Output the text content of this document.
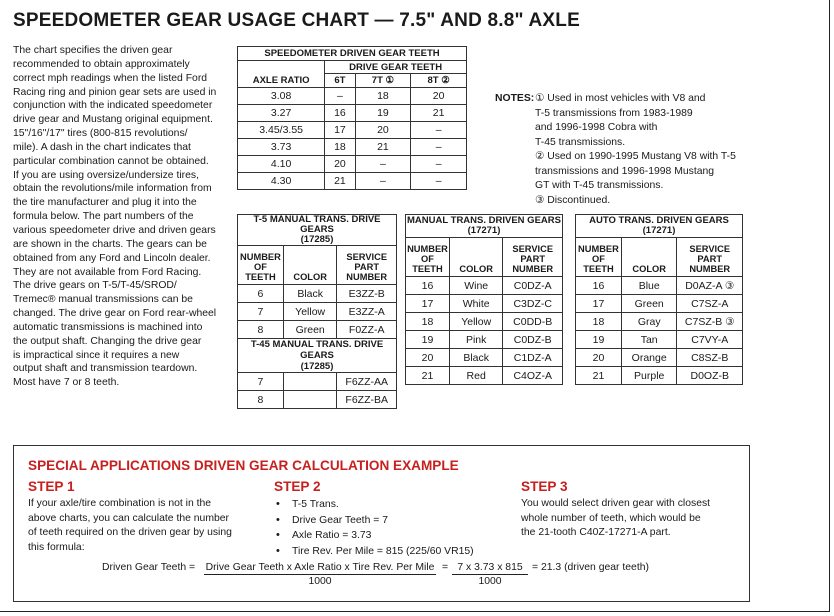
SPEEDOMETER GEAR USAGE CHART — 7.5" AND 8.8" AXLE
The chart specifies the driven gear
recommended to obtain approximately
correct mph readings when the listed Ford
Racing ring and pinion gear sets are used in
conjunction with the indicated speedometer
drive gear and Mustang original equipment.
15"/16"/17" tires (800-815 revolutions/
mile). A dash in the chart indicates that
particular combination cannot be obtained.
If you are using oversize/undersize tires,
obtain the revolutions/mile information from
the tire manufacturer and plug it into the
formula below. The part numbers of the
various speedometer drive and driven gears
are shown in the charts. The gears can be
obtained from any Ford and Lincoln dealer.
They are not available from Ford Racing.
The drive gears on T-5/T-45/SROD/
Tremec® manual transmissions can be
changed. The drive gear on Ford rear-wheel
automatic transmissions is machined into
the output shaft. Changing the drive gear
is impractical since it requires a new
output shaft and transmission teardown.
Most have 7 or 8 teeth.
SPEEDOMETER DRIVEN GEAR TEETH			
	DRIVE GEAR TEETH		
AXLE RATIO	6T	7T ①	8T ②
3.08	–	18	20
3.27	16	19	21
3.45/3.55	17	20	–
3.73	18	21	–
4.10	20	–	–
4.30	21	–	–
NOTES: ① Used in most vehicles with V8 and
T-5 transmissions from 1983-1989
and 1996-1998 Cobra with
T-45 transmissions.
② Used on 1990-1995 Mustang V8 with T-5
transmissions and 1996-1998 Mustang
GT with T-45 transmissions.
③ Discontinued.
T-5 MANUAL TRANS. DRIVE GEARS
(17285)		
NUMBER
OF
TEETH	COLOR	SERVICE
PART
NUMBER
6	Black	E3ZZ-B
7	Yellow	E3ZZ-A
8	Green	F0ZZ-A
T-45 MANUAL TRANS. DRIVE GEARS
(17285)		
7		F6ZZ-AA
8		F6ZZ-BA
MANUAL TRANS. DRIVEN GEARS
(17271)		
NUMBER
OF
TEETH	COLOR	SERVICE
PART
NUMBER
16	Wine	C0DZ-A
17	White	C3DZ-C
18	Yellow	C0DD-B
19	Pink	C0DZ-B
20	Black	C1DZ-A
21	Red	C4OZ-A
AUTO TRANS. DRIVEN GEARS
(17271)		
NUMBER
OF
TEETH	COLOR	SERVICE
PART
NUMBER
16	Blue	D0AZ-A ③
17	Green	C7SZ-A
18	Gray	C7SZ-B ③
19	Tan	C7VY-A
20	Orange	C8SZ-B
21	Purple	D0OZ-B
SPECIAL APPLICATIONS DRIVEN GEAR CALCULATION EXAMPLE
STEP 1
If your axle/tire combination is not in the
above charts, you can calculate the number
of teeth required on the driven gear by using
this formula:
STEP 2
• T-5 Trans.
• Drive Gear Teeth = 7
• Axle Ratio = 3.73
• Tire Rev. Per Mile = 815 (225/60 VR15)
STEP 3
You would select driven gear with closest
whole number of teeth, which would be
the 21-tooth C40Z-17271-A part.
Driven Gear Teeth = Drive Gear Teeth x Axle Ratio x Tire Rev. Per Mile
1000
= $\frac{7 x 3.73 x 815}{1000} = 21.3$ (driven gear teeth)
